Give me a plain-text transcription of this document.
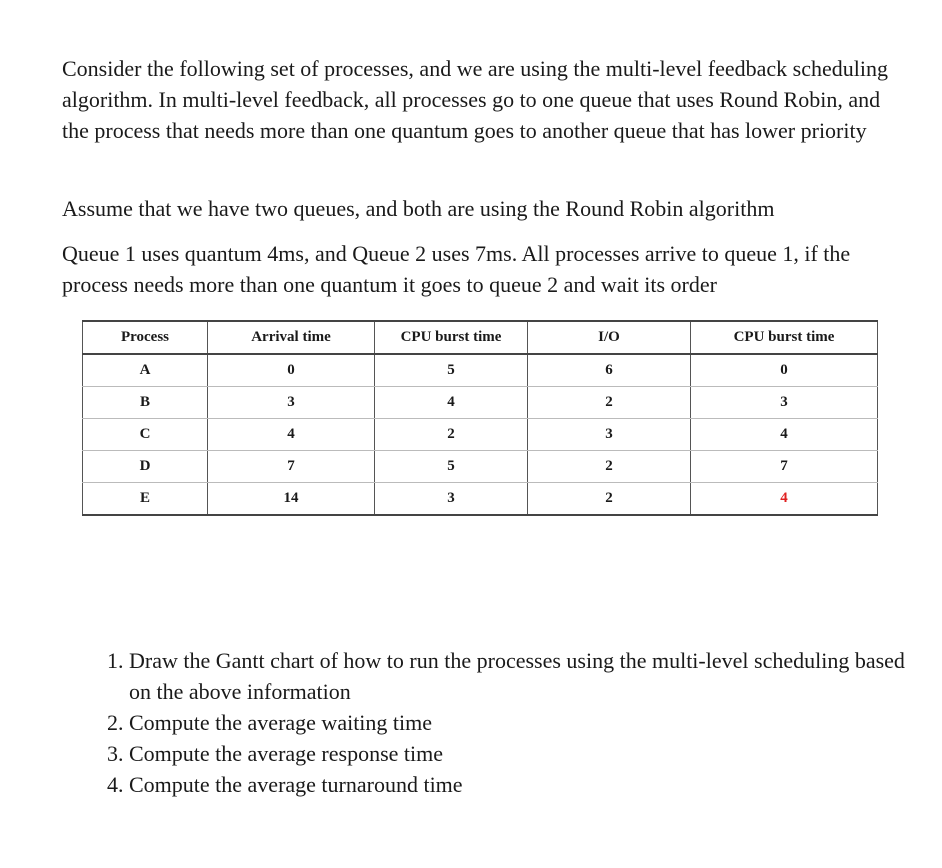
Consider the following set of processes, and we are using the multi-level feedback scheduling algorithm. In multi-level feedback, all processes go to one queue that uses Round Robin, and the process that needs more than one quantum goes to another queue that has lower priority

Assume that we have two queues, and both are using the Round Robin algorithm

Queue 1 uses quantum 4ms, and Queue 2 uses 7ms. All processes arrive to queue 1, if the process needs more than one quantum it goes to queue 2 and wait its order

Process	Arrival time	CPU burst time	I/O	CPU burst time
A	0	5	6	0
B	3	4	2	3
C	4	2	3	4
D	7	5	2	7
E	14	3	2	4
1. Draw the Gantt chart of how to run the processes using the multi-level scheduling based on the above information
2. Compute the average waiting time
3. Compute the average response time
4. Compute the average turnaround time
